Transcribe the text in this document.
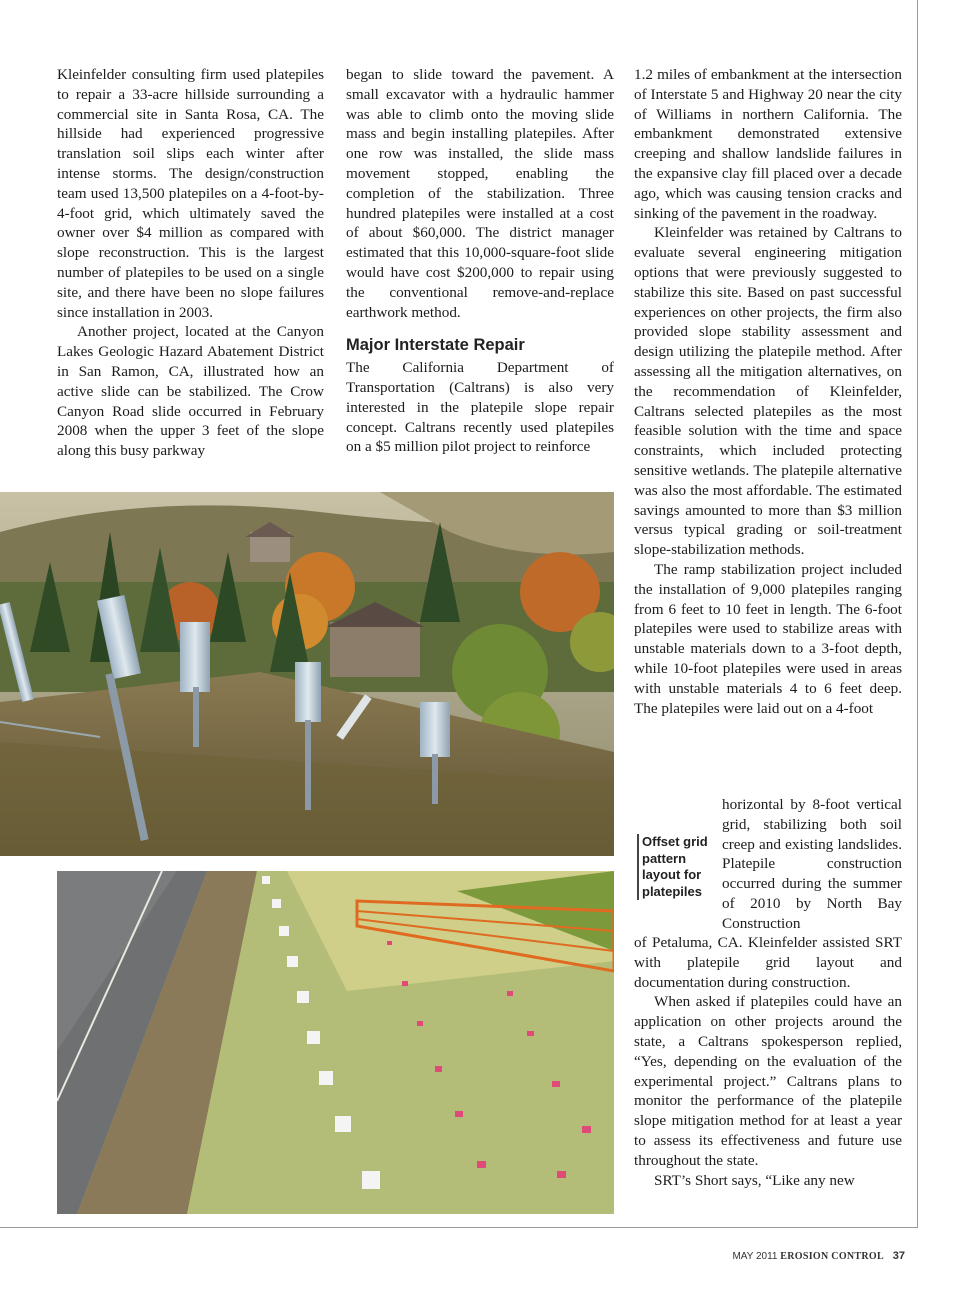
Kleinfelder consulting firm used platepiles to repair a 33-acre hillside surrounding a commercial site in Santa Rosa, CA. The hillside had experienced progressive translation soil slips each winter after intense storms. The design/construction team used 13,500 platepiles on a 4-foot-by-4-foot grid, which ultimately saved the owner over $4 million as compared with slope reconstruction. This is the largest number of platepiles to be used on a single site, and there have been no slope failures since installation in 2003.

Another project, located at the Canyon Lakes Geologic Hazard Abatement District in San Ramon, CA, illustrated how an active slide can be stabilized. The Crow Canyon Road slide occurred in February 2008 when the upper 3 feet of the slope along this busy parkway

began to slide toward the pavement. A small excavator with a hydraulic hammer was able to climb onto the moving slide mass and begin installing platepiles. After one row was installed, the slide mass movement stopped, enabling the completion of the stabilization. Three hundred platepiles were installed at a cost of about $60,000. The district manager estimated that this 10,000-square-foot slide would have cost $200,000 to repair using the conventional remove-and-replace earthwork method.

Major Interstate Repair

The California Department of Transportation (Caltrans) is also very interested in the platepile slope repair concept. Caltrans recently used platepiles on a $5 million pilot project to reinforce

1.2 miles of embankment at the intersection of Interstate 5 and Highway 20 near the city of Williams in northern California. The embankment demonstrated extensive creeping and shallow landslide failures in the expansive clay fill placed over a decade ago, which was causing tension cracks and sinking of the pavement in the roadway.

Kleinfelder was retained by Caltrans to evaluate several engineering mitigation options that were previously suggested to stabilize this site. Based on past successful experiences on other projects, the firm also provided slope stability assessment and design utilizing the platepile method. After assessing all the mitigation alternatives, on the recommendation of Kleinfelder, Caltrans selected platepiles as the most feasible solution with the time and space constraints, which included protecting sensitive wetlands. The platepile alternative was also the most affordable. The estimated savings amounted to more than $3 million versus typical grading or soil-treatment slope-stabilization methods.

The ramp stabilization project included the installation of 9,000 platepiles ranging from 6 feet to 10 feet in length. The 6-foot platepiles were used to stabilize areas with unstable materials down to a 3-foot depth, while 10-foot platepiles were used in areas with unstable materials 4 to 6 feet deep. The platepiles were laid out on a 4-foot

horizontal by 8-foot vertical grid, stabilizing both soil creep and existing landslides. Platepile construction occurred during the summer of 2010 by North Bay Construction

Offset grid pattern layout for platepiles

of Petaluma, CA. Kleinfelder assisted SRT with platepile grid layout and documentation during construction.

When asked if platepiles could have an application on other projects around the state, a Caltrans spokesperson replied, “Yes, depending on the evaluation of the experimental project.” Caltrans plans to monitor the performance of the platepile slope mitigation method for at least a year to assess its effectiveness and future use throughout the state.

SRT’s Short says, “Like any new

MAY 2011 EROSION CONTROL 37
